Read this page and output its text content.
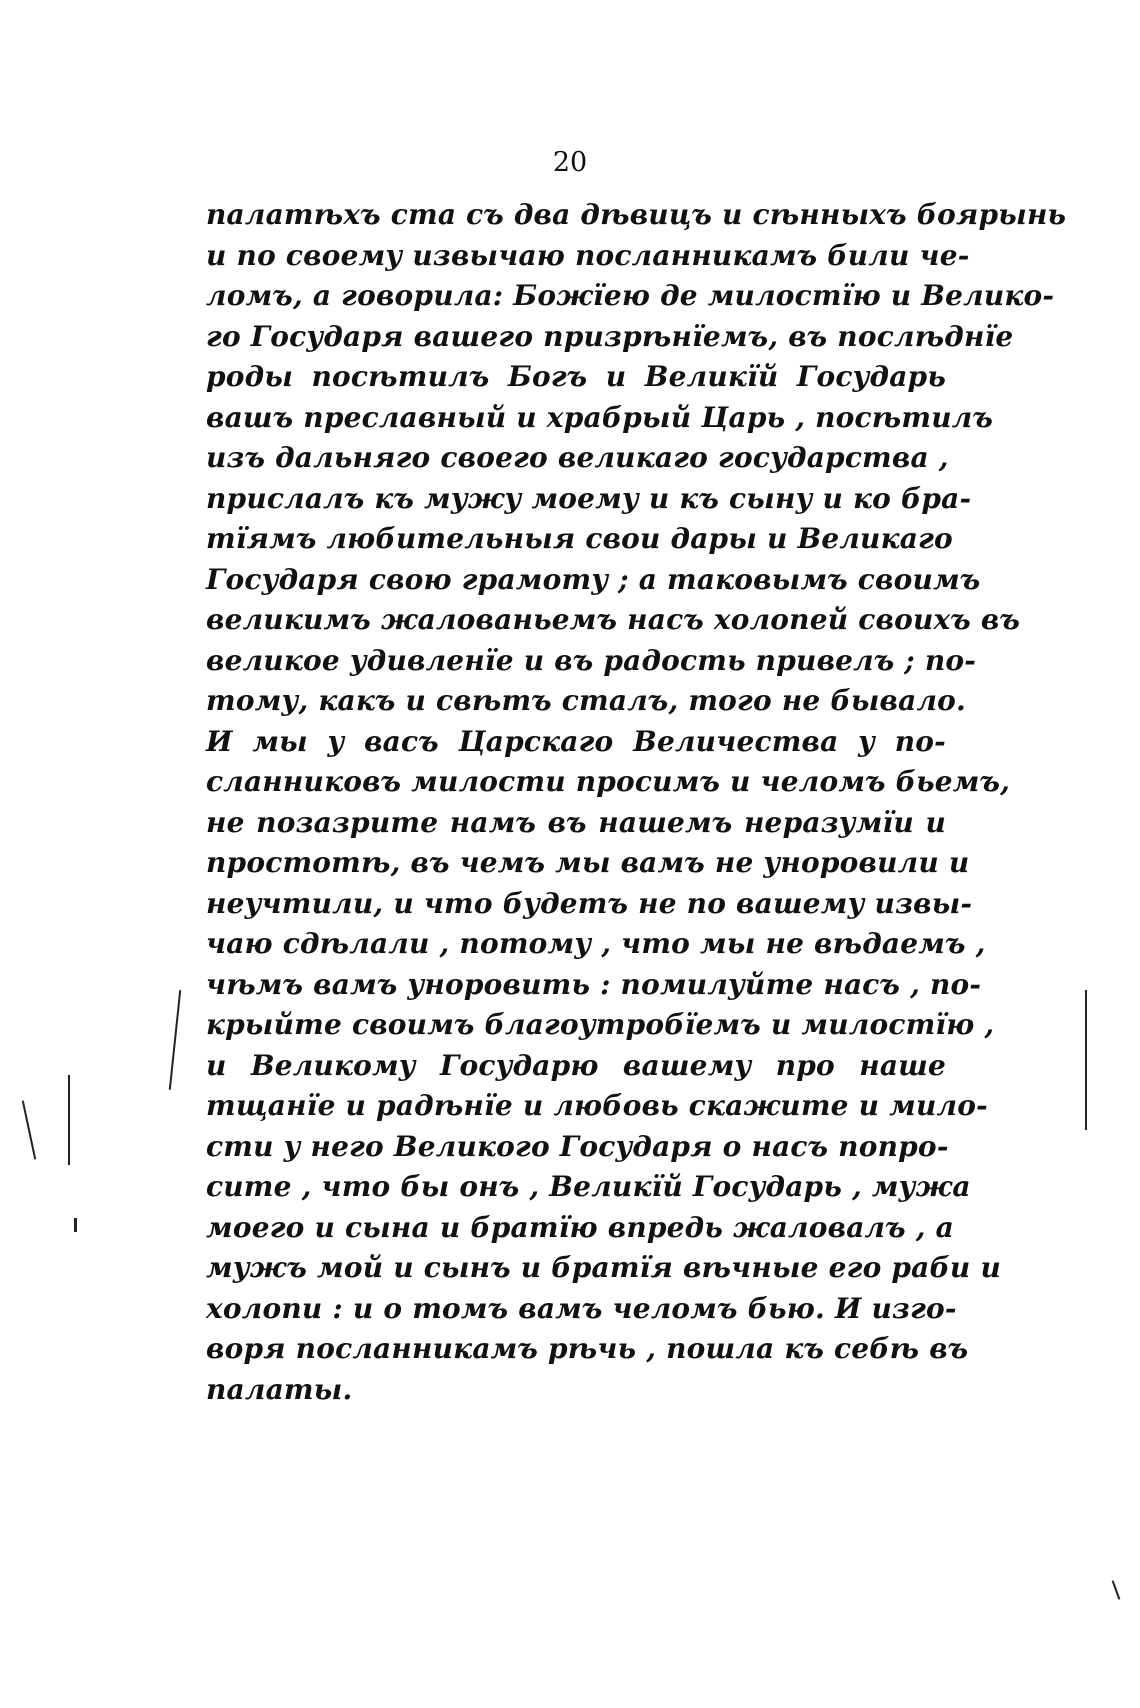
20
палатѣхъ ста съ два дѣвицъ и сѣнныхъ боярынь
и по своему извычаю посланникамъ били че-
ломъ, а говорила: Божїею де милостїю и Велико-
го Государя вашего призрѣнїемъ, въ послѣднїе
роды посѣтилъ Богъ и Великїй Государь
вашъ преславный и храбрый Царь , посѣтилъ
изъ дальняго своего великаго государства ,
прислалъ къ мужу моему и къ сыну и ко бра-
тїямъ любительныя свои дары и Великаго
Государя свою грамоту ; а таковымъ своимъ
великимъ жалованьемъ насъ холопей своихъ въ
великое удивленїе и въ радость привелъ ; по-
тому, какъ и свѣтъ сталъ, того не бывало.
И мы у васъ Царскаго Величества у по-
сланниковъ милости просимъ и челомъ бьемъ,
не позазрите намъ въ нашемъ неразумїи и
простотѣ, въ чемъ мы вамъ не уноровили и
неучтили, и что будетъ не по вашему извы-
чаю сдѣлали , потому , что мы не вѣдаемъ ,
чѣмъ вамъ уноровить : помилуйте насъ , по-
крыйте своимъ благоутробїемъ и милостїю ,
и Великому Государю вашему про наше
тщанїе и радѣнїе и любовь скажите и мило-
сти у него Великого Государя о насъ попро-
сите , что бы онъ , Великїй Государь , мужа
моего и сына и братїю впредь жаловалъ , а
мужъ мой и сынъ и братїя вѣчные его раби и
холопи : и о томъ вамъ челомъ бью. И изго-
воря посланникамъ рѣчь , пошла къ себѣ въ
палаты.
